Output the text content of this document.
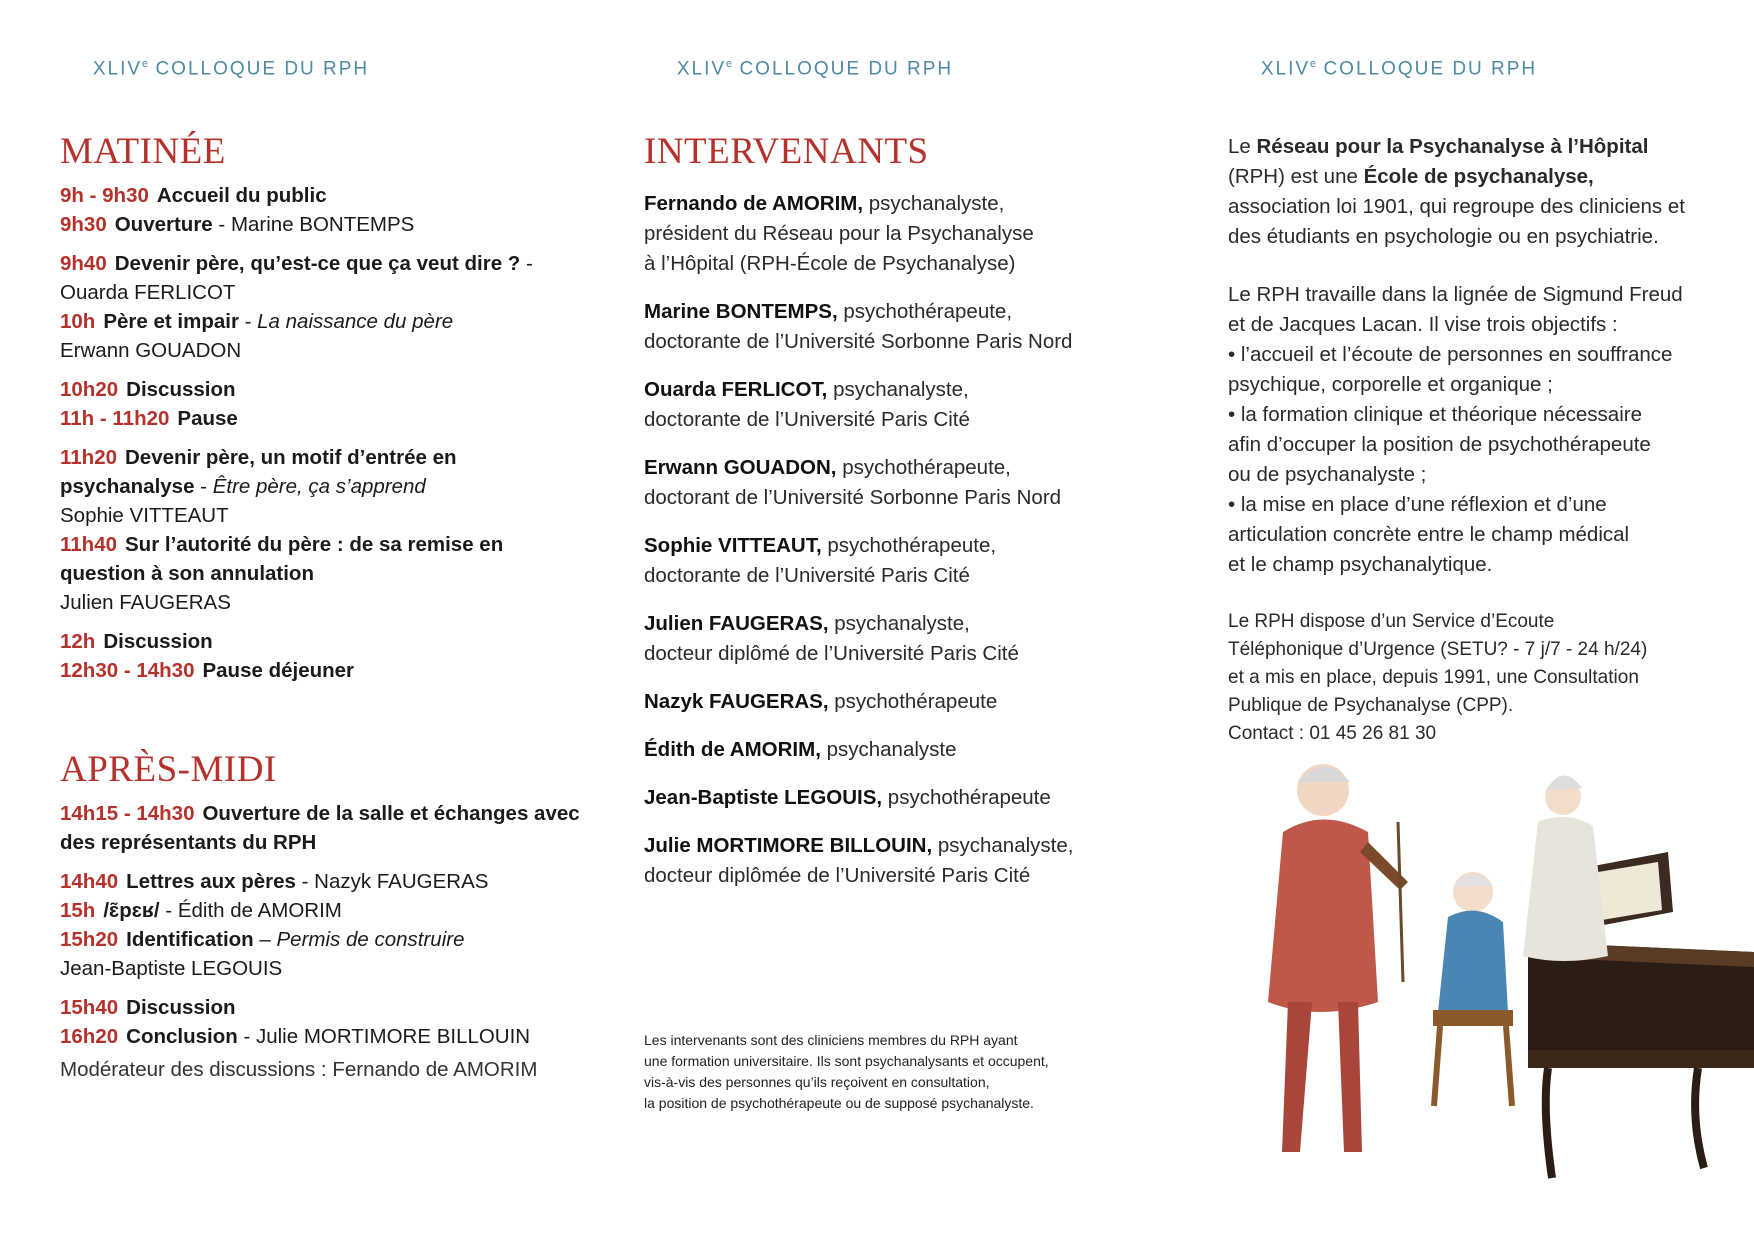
XLIVe COLLOQUE DU RPH
MATINÉE

9h - 9h30 Accueil du public

9h30 Ouverture - Marine BONTEMPS

9h40 Devenir père, qu’est-ce que ça veut dire ? - Ouarda FERLICOT

10h Père et impair - La naissance du père
Erwann GOUADON

10h20 Discussion

11h - 11h20 Pause

11h20 Devenir père, un motif d’entrée en psychanalyse - Être père, ça s’apprend
Sophie VITTEAUT

11h40 Sur l’autorité du père : de sa remise en question à son annulation
Julien FAUGERAS

12h Discussion

12h30 - 14h30 Pause déjeuner

APRÈS-MIDI

14h15 - 14h30 Ouverture de la salle et échanges avec des représentants du RPH

14h40 Lettres aux pères - Nazyk FAUGERAS

15h /ɛ̃pɛʁ/ - Édith de AMORIM

15h20 Identification – Permis de construire
Jean-Baptiste LEGOUIS

15h40 Discussion

16h20 Conclusion - Julie MORTIMORE BILLOUIN

Modérateur des discussions : Fernando de AMORIM
XLIVe COLLOQUE DU RPH
INTERVENANTS

Fernando de AMORIM, psychanalyste,
président du Réseau pour la Psychanalyse
à l’Hôpital (RPH-École de Psychanalyse)

Marine BONTEMPS, psychothérapeute,
doctorante de l’Université Sorbonne Paris Nord

Ouarda FERLICOT, psychanalyste,
doctorante de l’Université Paris Cité

Erwann GOUADON, psychothérapeute,
doctorant de l’Université Sorbonne Paris Nord

Sophie VITTEAUT, psychothérapeute,
doctorante de l’Université Paris Cité

Julien FAUGERAS, psychanalyste,
docteur diplômé de l’Université Paris Cité

Nazyk FAUGERAS, psychothérapeute

Édith de AMORIM, psychanalyste

Jean-Baptiste LEGOUIS, psychothérapeute

Julie MORTIMORE BILLOUIN, psychanalyste,
docteur diplômée de l’Université Paris Cité

Les intervenants sont des cliniciens membres du RPH ayant
une formation universitaire. Ils sont psychanalysants et occupent,
vis-à-vis des personnes qu’ils reçoivent en consultation,
la position de psychothérapeute ou de supposé psychanalyste.
XLIVe COLLOQUE DU RPH

Le Réseau pour la Psychanalyse à l’Hôpital
(RPH) est une École de psychanalyse,
association loi 1901, qui regroupe des cliniciens et
des étudiants en psychologie ou en psychiatrie.

Le RPH travaille dans la lignée de Sigmund Freud
et de Jacques Lacan. Il vise trois objectifs :
• l’accueil et l’écoute de personnes en souffrance
psychique, corporelle et organique ;
• la formation clinique et théorique nécessaire
afin d’occuper la position de psychothérapeute
ou de psychanalyste ;
• la mise en place d’une réflexion et d’une
articulation concrète entre le champ médical
et le champ psychanalytique.

Le RPH dispose d’un Service d’Ecoute
Téléphonique d’Urgence (SETU? - 7 j/7 - 24 h/24)
et a mis en place, depuis 1991, une Consultation
Publique de Psychanalyse (CPP).
Contact : 01 45 26 81 30
